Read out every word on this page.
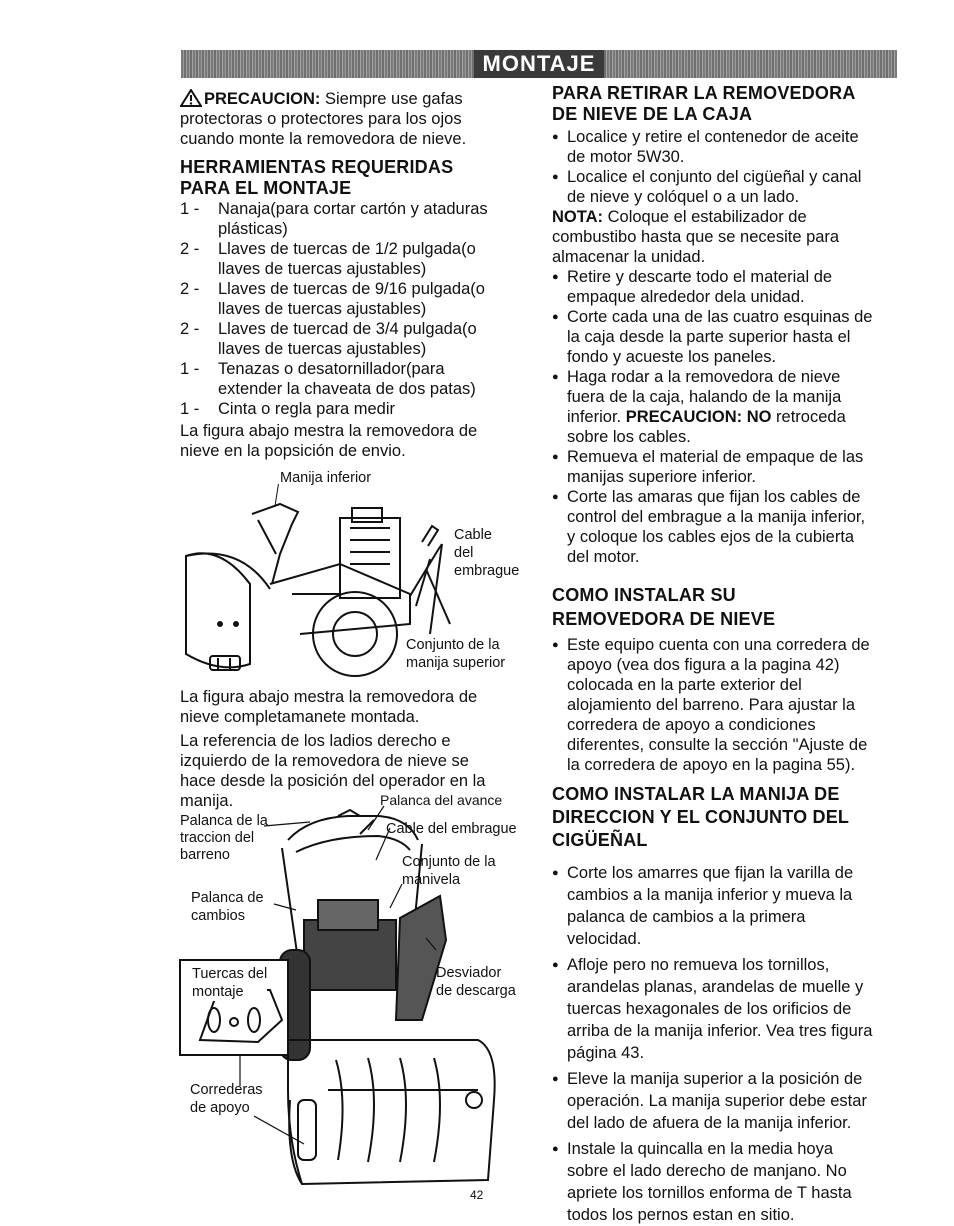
MONTAJE

PRECAUCION: Siempre use gafas
protectoras o protectores para los ojos
cuando monte la removedora de nieve.

HERRAMIENTAS REQUERIDAS
PARA EL MONTAJE
1 -	Nanaja(para cortar cartón y ataduras
plásticas)
2 -	Llaves de tuercas de 1/2 pulgada(o
llaves de tuercas ajustables)
2 -	Llaves de tuercas de 9/16 pulgada(o
llaves de tuercas ajustables)
2 -	Llaves de tuercad de 3/4 pulgada(o
llaves de tuercas ajustables)
1 -	Tenazas o desatornillador(para
extender la chaveata de dos patas)
1 -	Cinta o regla para medir

La figura abajo mestra la removedora de
nieve en la popsición de envio.

Manija inferior
Cable
del
embrague
Conjunto de la
manija superior

La figura abajo mestra la removedora de
nieve completamanete montada.

La referencia de los ladios derecho e
izquierdo de la removedora de nieve se
hace desde la posición del operador en la
manija.	Palanca del avance
Palanca de la
traccion del
barreno
Cable del embrague
Conjunto de la
manivela
Palanca de
cambios
Tuercas del
montaje
Desviador
de descarga
Correderas
de apoyo
PARA RETIRAR LA REMOVEDORA
DE NIEVE DE LA CAJA
● Localice y retire el contenedor de aceite
de motor 5W30.
● Localice el conjunto del cigüeñal y canal
de nieve y colóquel o a un lado.

NOTA: Coloque el estabilizador de
combustibo hasta que se necesite para
almacenar la unidad.

● Retire y descarte todo el material de
empaque alrededor dela unidad.
● Corte cada una de las cuatro esquinas de
la caja desde la parte superior hasta el
fondo y acueste los paneles.
● Haga rodar a la removedora de nieve
fuera de la caja, halando de la manija
inferior. PRECAUCION: NO retroceda
sobre los cables.
● Remueva el material de empaque de las
manijas superiore inferior.
● Corte las amaras que fijan los cables de
control del embrague a la manija inferior,
y coloque los cables ejos de la cubierta
del motor.
COMO INSTALAR SU
REMOVEDORA DE NIEVE
● Este equipo cuenta con una corredera de
apoyo (vea dos figura a la pagina 42)
colocada en la parte exterior del
alojamiento del barreno. Para ajustar la
corredera de apoyo a condiciones
diferentes, consulte la sección "Ajuste de
la corredera de apoyo en la pagina 55).
COMO INSTALAR LA MANIJA DE
DIRECCION Y EL CONJUNTO DEL
CIGÜEÑAL
● Corte los amarres que fijan la varilla de
cambios a la manija inferior y mueva la
palanca de cambios a la primera
velocidad.
● Afloje pero no remueva los tornillos,
arandelas planas, arandelas de muelle y
tuercas hexagonales de los orificios de
arriba de la manija inferior. Vea tres figura
página 43.
● Eleve la manija superior a la posición de
operación. La manija superior debe estar
del lado de afuera de la manija inferior.
● Instale la quincalla en la media hoya
sobre el lado derecho de manjano. No
apriete los tornillos enforma de T hasta
todos los pernos estan en sitio.
42
